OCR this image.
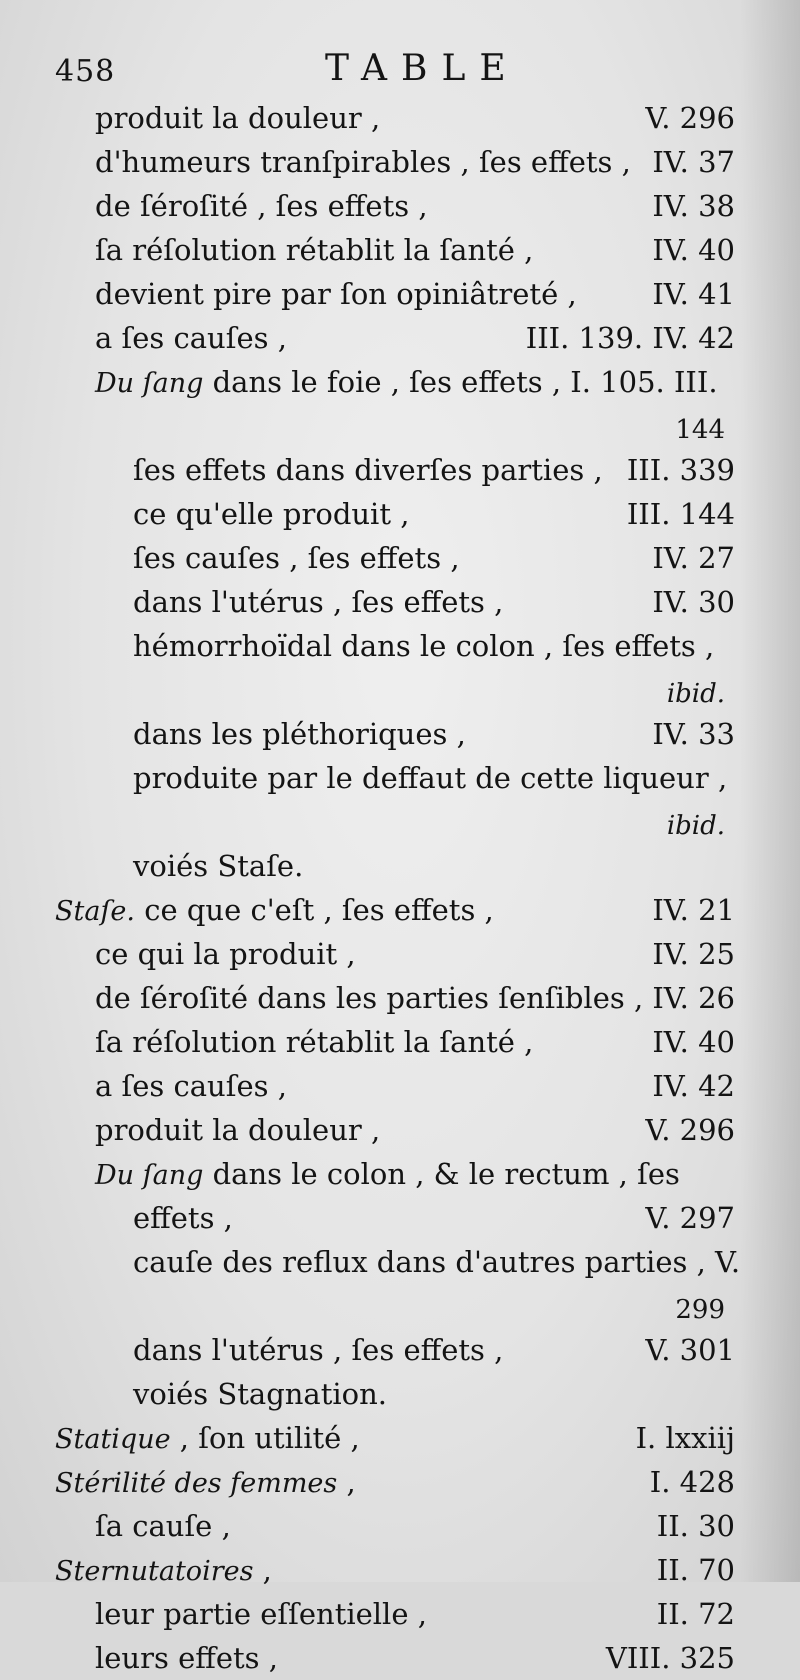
458	TABLE
produit la douleur ,	V. 296
d'humeurs tranſpirables , ſes effets , IV. 37
de ſéroſité , ſes effets ,	IV. 38
ſa réſolution rétablit la ſanté ,	IV. 40
devient pire par ſon opiniâtreté ,	IV. 41
a ſes cauſes ,	III. 139. IV. 42
Du ſang dans le foie , ſes effets , I. 105. III.
144
ſes effets dans diverſes parties , III. 339
ce qu'elle produit ,	III. 144
ſes cauſes , ſes effets ,	IV. 27
dans l'utérus , ſes effets ,	IV. 30
hémorrhoïdal dans le colon , ſes effets ,
ibid.
dans les pléthoriques ,	IV. 33
produite par le deffaut de cette liqueur ,
ibid.
voiés Staſe.
Staſe. ce que c'eſt , ſes effets ,	IV. 21
ce qui la produit ,	IV. 25
de ſéroſité dans les parties ſenſibles , IV. 26
ſa réſolution rétablit la ſanté ,	IV. 40
a ſes cauſes ,	IV. 42
produit la douleur ,	V. 296
Du ſang dans le colon , & le rectum , ſes
effets ,	V. 297
cauſe des reflux dans d'autres parties , V.
299
dans l'utérus , ſes effets ,	V. 301
voiés Stagnation.
Statique , ſon utilité ,	I. lxxiij
Stérilité des femmes ,	I. 428
ſa cauſe ,	II. 30
Sternutatoires ,	II. 70
leur partie eſſentielle ,	II. 72
leurs effets ,	VIII. 325
